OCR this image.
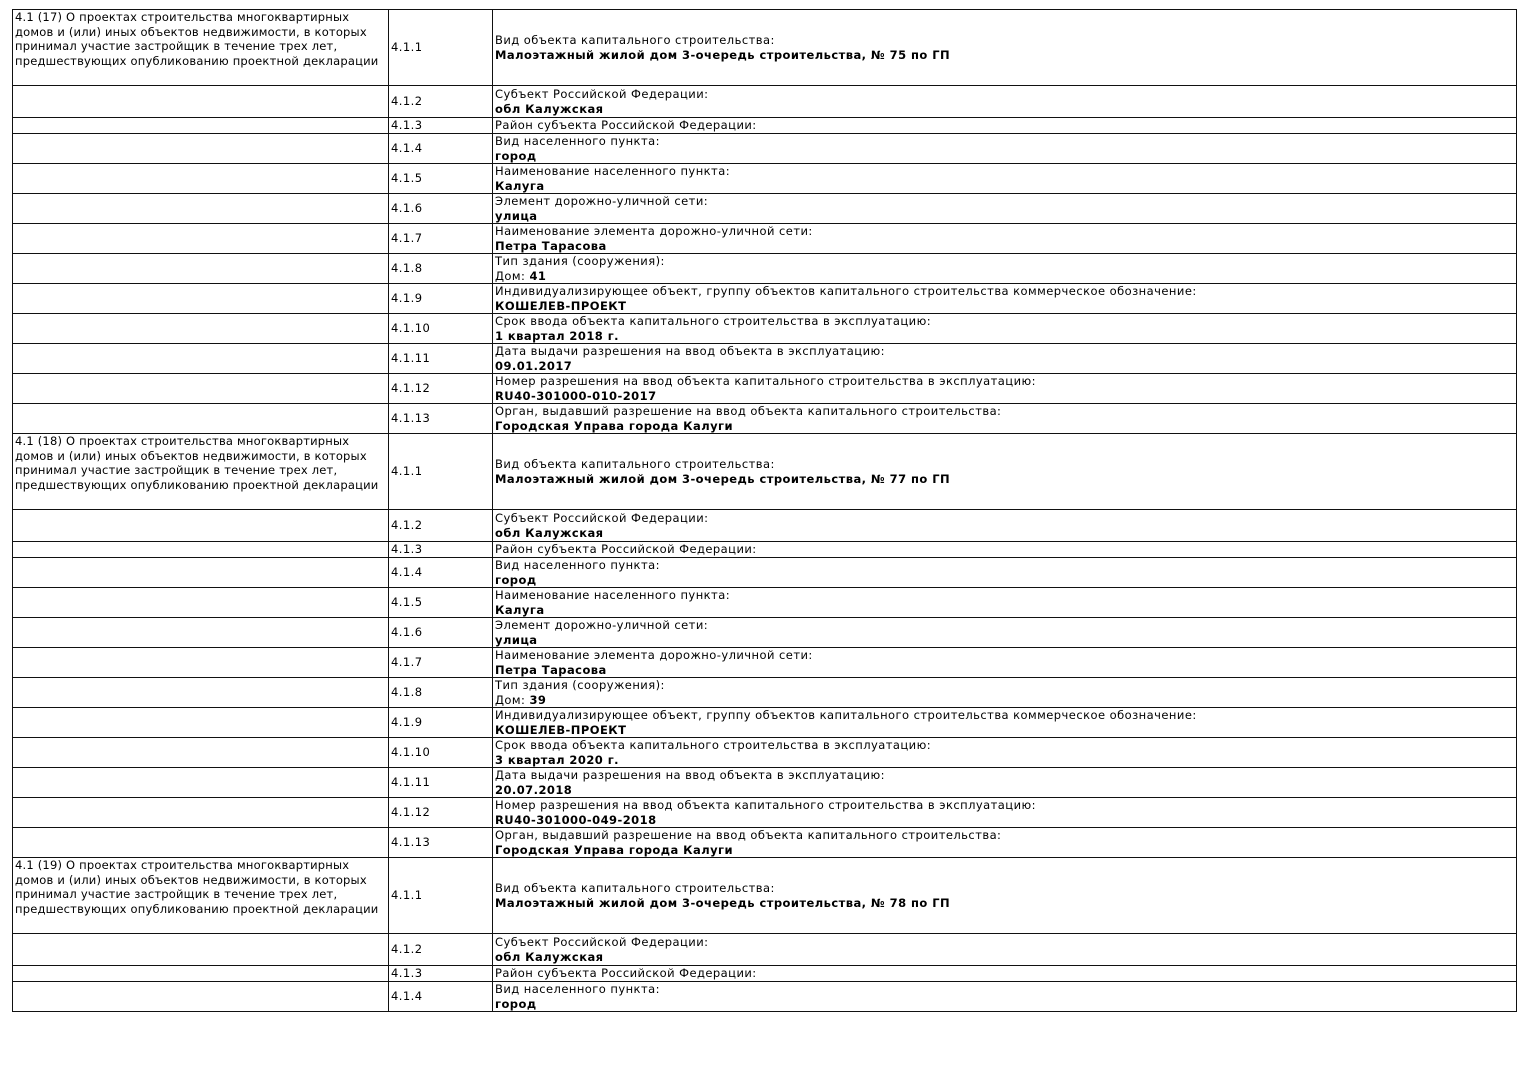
4.1 (17) О проектах строительства многоквартирных домов и (или) иных объектов недвижимости, в которых принимал участие застройщик в течение трех лет, предшествующих опубликованию проектной декларации	4.1.1	Вид объекта капитального строительства:
Малоэтажный жилой дом 3-очередь строительства, № 75 по ГП

	4.1.2	Субъект Российской Федерации:
обл Калужская

	4.1.3	Район субъекта Российской Федерации:

	4.1.4	Вид населенного пункта:
город

	4.1.5	Наименование населенного пункта:
Калуга

	4.1.6	Элемент дорожно-уличной сети:
улица

	4.1.7	Наименование элемента дорожно-уличной сети:
Петра Тарасова

	4.1.8	Тип здания (сооружения):
Дом: 41

	4.1.9	Индивидуализирующее объект, группу объектов капитального строительства коммерческое обозначение:
КОШЕЛЕВ-ПРОЕКТ

	4.1.10	Срок ввода объекта капитального строительства в эксплуатацию:
1 квартал 2018 г.

	4.1.11	Дата выдачи разрешения на ввод объекта в эксплуатацию:
09.01.2017

	4.1.12	Номер разрешения на ввод объекта капитального строительства в эксплуатацию:
RU40-301000-010-2017

	4.1.13	Орган, выдавший разрешение на ввод объекта капитального строительства:
Городская Управа города Калуги

4.1 (18) О проектах строительства многоквартирных домов и (или) иных объектов недвижимости, в которых принимал участие застройщик в течение трех лет, предшествующих опубликованию проектной декларации	4.1.1	Вид объекта капитального строительства:
Малоэтажный жилой дом 3-очередь строительства, № 77 по ГП

	4.1.2	Субъект Российской Федерации:
обл Калужская

	4.1.3	Район субъекта Российской Федерации:

	4.1.4	Вид населенного пункта:
город

	4.1.5	Наименование населенного пункта:
Калуга

	4.1.6	Элемент дорожно-уличной сети:
улица

	4.1.7	Наименование элемента дорожно-уличной сети:
Петра Тарасова

	4.1.8	Тип здания (сооружения):
Дом: 39

	4.1.9	Индивидуализирующее объект, группу объектов капитального строительства коммерческое обозначение:
КОШЕЛЕВ-ПРОЕКТ

	4.1.10	Срок ввода объекта капитального строительства в эксплуатацию:
3 квартал 2020 г.

	4.1.11	Дата выдачи разрешения на ввод объекта в эксплуатацию:
20.07.2018

	4.1.12	Номер разрешения на ввод объекта капитального строительства в эксплуатацию:
RU40-301000-049-2018

	4.1.13	Орган, выдавший разрешение на ввод объекта капитального строительства:
Городская Управа города Калуги

4.1 (19) О проектах строительства многоквартирных домов и (или) иных объектов недвижимости, в которых принимал участие застройщик в течение трех лет, предшествующих опубликованию проектной декларации	4.1.1	Вид объекта капитального строительства:
Малоэтажный жилой дом 3-очередь строительства, № 78 по ГП

	4.1.2	Субъект Российской Федерации:
обл Калужская

	4.1.3	Район субъекта Российской Федерации:

	4.1.4	Вид населенного пункта:
город
